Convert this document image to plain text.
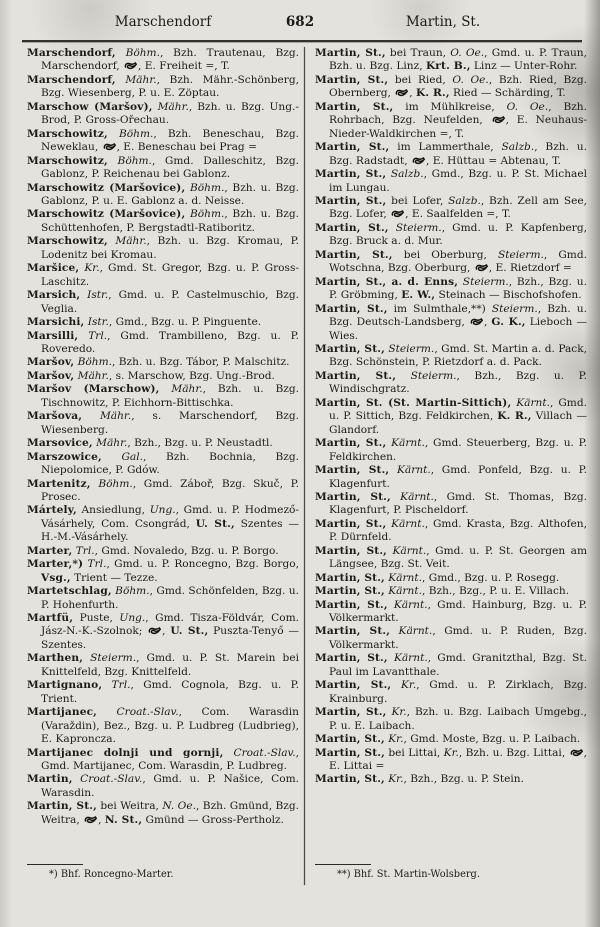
Marschendorf	682	Martin, St.

Marschendorf, Böhm., Bzh. Trautenau, Bzg. Marschendorf, , E. Freiheit =, T.

Marschendorf, Mähr., Bzh. Mähr.-Schönberg, Bzg. Wiesenberg, P. u. E. Zöptau.

Marschow (Maršov), Mähr., Bzh. u. Bzg. Ung.-Brod, P. Gross-Ořechau.

Marschowitz, Böhm., Bzh. Beneschau, Bzg. Neweklau, , E. Beneschau bei Prag =

Marschowitz, Böhm., Gmd. Dalleschitz, Bzg. Gablonz, P. Reichenau bei Gablonz.

Marschowitz (Maršovice), Böhm., Bzh. u. Bzg. Gablonz, P. u. E. Gablonz a. d. Neisse.

Marschowitz (Maršovice), Böhm., Bzh. u. Bzg. Schüttenhofen, P. Bergstadtl-Ratiboritz.

Marschowitz, Mähr., Bzh. u. Bzg. Kromau, P. Lodenitz bei Kromau.

Maršice, Kr., Gmd. St. Gregor, Bzg. u. P. Gross-Laschitz.

Marsich, Istr., Gmd. u. P. Castelmuschio, Bzg. Veglia.

Marsichi, Istr., Gmd., Bzg. u. P. Pinguente.

Marsilli, Trl., Gmd. Trambilleno, Bzg. u. P. Roveredo.

Maršov, Böhm., Bzh. u. Bzg. Tábor, P. Malschitz.

Maršov, Mähr., s. Marschow, Bzg. Ung.-Brod.

Maršov (Marschow), Mähr., Bzh. u. Bzg. Tischnowitz, P. Eichhorn-Bittischka.

Maršova, Mähr., s. Marschendorf, Bzg. Wiesenberg.

Marsovice, Mähr., Bzh., Bzg. u. P. Neustadtl.

Marszowice, Gal., Bzh. Bochnia, Bzg. Niepolomice, P. Gdów.

Martenitz, Böhm., Gmd. Záboř, Bzg. Skuč, P. Prosec.

Mártely, Ansiedlung, Ung., Gmd. u. P. Hodmező-Vásárhely, Com. Csongrád, U. St., Szentes — H.-M.-Vásárhely.

Marter, Trl., Gmd. Novaledo, Bzg. u. P. Borgo.

Marter,*) Trl., Gmd. u. P. Roncegno, Bzg. Borgo, Vsg., Trient — Tezze.

Martetschlag, Böhm., Gmd. Schönfelden, Bzg. u. P. Hohenfurth.

Martfü, Puste, Ung., Gmd. Tisza-Földvár, Com. Jász-N.-K.-Szolnok; , U. St., Puszta-Tenyő — Szentes.

Marthen, Steierm., Gmd. u. P. St. Marein bei Knittelfeld, Bzg. Knittelfeld.

Martignano, Trl., Gmd. Cognola, Bzg. u. P. Trient.

Martijanec, Croat.-Slav., Com. Warasdin (Varaždin), Bez., Bzg. u. P. Ludbreg (Ludbrieg), E. Kaproncza.

Martijanec dolnji und gornji, Croat.-Slav., Gmd. Martijanec, Com. Warasdin, P. Ludbreg.

Martin, Croat.-Slav., Gmd. u. P. Našice, Com. Warasdin.

Martin, St., bei Weitra, N. Oe., Bzh. Gmünd, Bzg. Weitra, , N. St., Gmünd — Gross-Pertholz.

*) Bhf. Roncegno-Marter.

Martin, St., bei Traun, O. Oe., Gmd. u. P. Traun, Bzh. u. Bzg. Linz, Krt. B., Linz — Unter-Rohr.

Martin, St., bei Ried, O. Oe., Bzh. Ried, Bzg. Obernberg, , K. R., Ried — Schärding, T.

Martin, St., im Mühlkreise, O. Oe., Bzh. Rohrbach, Bzg. Neufelden, , E. Neuhaus-Nieder-Waldkirchen =, T.

Martin, St., im Lammerthale, Salzb., Bzh. u. Bzg. Radstadt, , E. Hüttau = Abtenau, T.

Martin, St., Salzb., Gmd., Bzg. u. P. St. Michael im Lungau.

Martin, St., bei Lofer, Salzb., Bzh. Zell am See, Bzg. Lofer, , E. Saalfelden =, T.

Martin, St., Steierm., Gmd. u. P. Kapfenberg, Bzg. Bruck a. d. Mur.

Martin, St., bei Oberburg, Steierm., Gmd. Wotschna, Bzg. Oberburg, , E. Rietzdorf =

Martin, St., a. d. Enns, Steierm., Bzh., Bzg. u. P. Gröbming, E. W., Steinach — Bischofshofen.

Martin, St., im Sulmthale,**) Steierm., Bzh. u. Bzg. Deutsch-Landsberg, , G. K., Lieboch — Wies.

Martin, St., Steierm., Gmd. St. Martin a. d. Pack, Bzg. Schönstein, P. Rietzdorf a. d. Pack.

Martin, St., Steierm., Bzh., Bzg. u. P. Windischgratz.

Martin, St. (St. Martin-Sittich), Kärnt., Gmd. u. P. Sittich, Bzg. Feldkirchen, K. R., Villach — Glandorf.

Martin, St., Kärnt., Gmd. Steuerberg, Bzg. u. P. Feldkirchen.

Martin, St., Kärnt., Gmd. Ponfeld, Bzg. u. P. Klagenfurt.

Martin, St., Kärnt., Gmd. St. Thomas, Bzg. Klagenfurt, P. Pischeldorf.

Martin, St., Kärnt., Gmd. Krasta, Bzg. Althofen, P. Dürnfeld.

Martin, St., Kärnt., Gmd. u. P. St. Georgen am Längsee, Bzg. St. Veit.

Martin, St., Kärnt., Gmd., Bzg. u. P. Rosegg.

Martin, St., Kärnt., Bzh., Bzg., P. u. E. Villach.

Martin, St., Kärnt., Gmd. Hainburg, Bzg. u. P. Völkermarkt.

Martin, St., Kärnt., Gmd. u. P. Ruden, Bzg. Völkermarkt.

Martin, St., Kärnt., Gmd. Granitzthal, Bzg. St. Paul im Lavantthale.

Martin, St., Kr., Gmd. u. P. Zirklach, Bzg. Krainburg.

Martin, St., Kr., Bzh. u. Bzg. Laibach Umgebg., P. u. E. Laibach.

Martin, St., Kr., Gmd. Moste, Bzg. u. P. Laibach.

Martin, St., bei Littai, Kr., Bzh. u. Bzg. Littai, , E. Littai =

Martin, St., Kr., Bzh., Bzg. u. P. Stein.

**) Bhf. St. Martin-Wolsberg.
